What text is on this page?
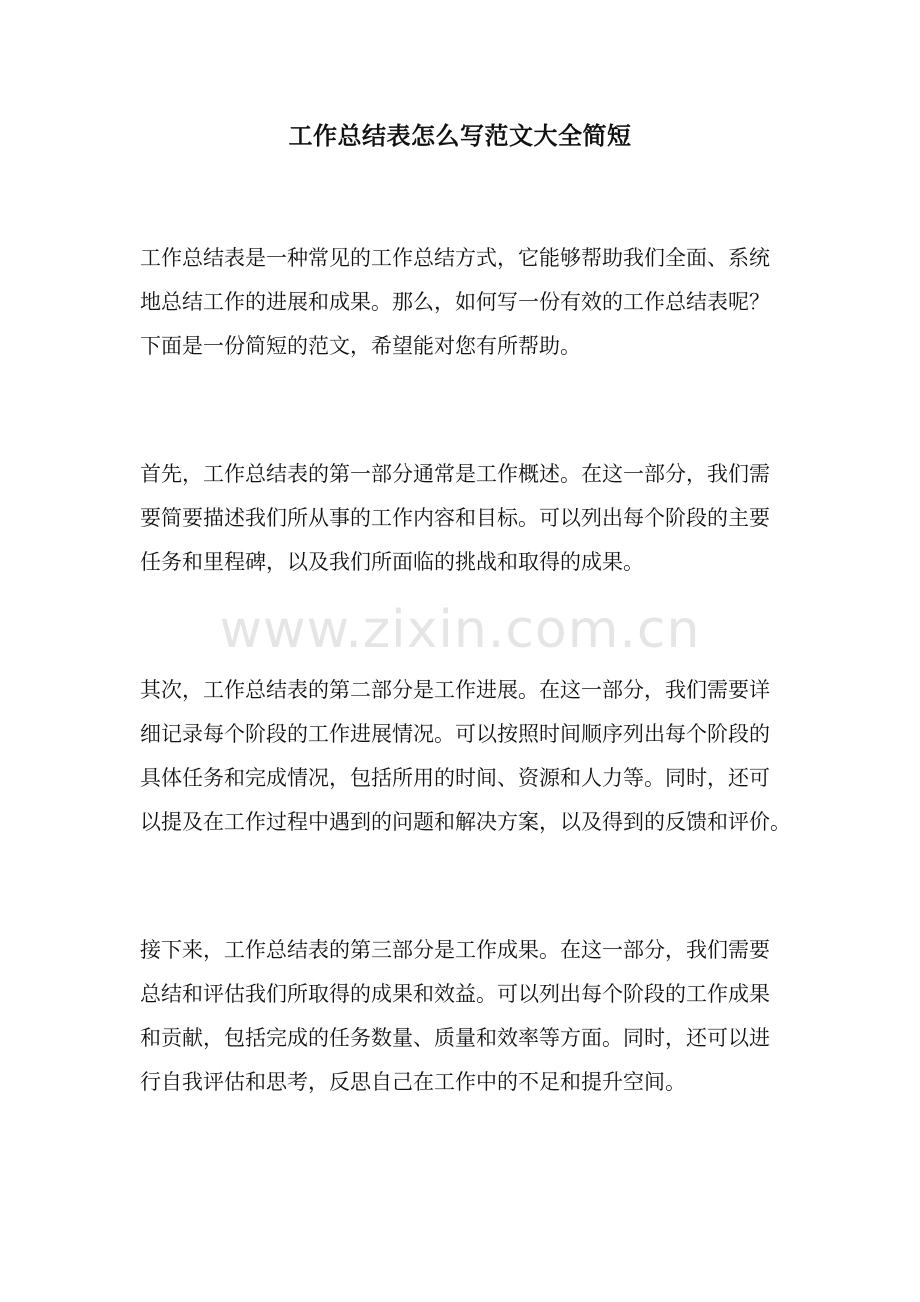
工作总结表怎么写范文大全简短

工作总结表是一种常见的工作总结方式，它能够帮助我们全面、系统
地总结工作的进展和成果。那么，如何写一份有效的工作总结表呢？
下面是一份简短的范文，希望能对您有所帮助。

首先，工作总结表的第一部分通常是工作概述。在这一部分，我们需
要简要描述我们所从事的工作内容和目标。可以列出每个阶段的主要
任务和里程碑，以及我们所面临的挑战和取得的成果。

www.zixin.com.cn

其次，工作总结表的第二部分是工作进展。在这一部分，我们需要详
细记录每个阶段的工作进展情况。可以按照时间顺序列出每个阶段的
具体任务和完成情况，包括所用的时间、资源和人力等。同时，还可
以提及在工作过程中遇到的问题和解决方案，以及得到的反馈和评价。

接下来，工作总结表的第三部分是工作成果。在这一部分，我们需要
总结和评估我们所取得的成果和效益。可以列出每个阶段的工作成果
和贡献，包括完成的任务数量、质量和效率等方面。同时，还可以进
行自我评估和思考，反思自己在工作中的不足和提升空间。
